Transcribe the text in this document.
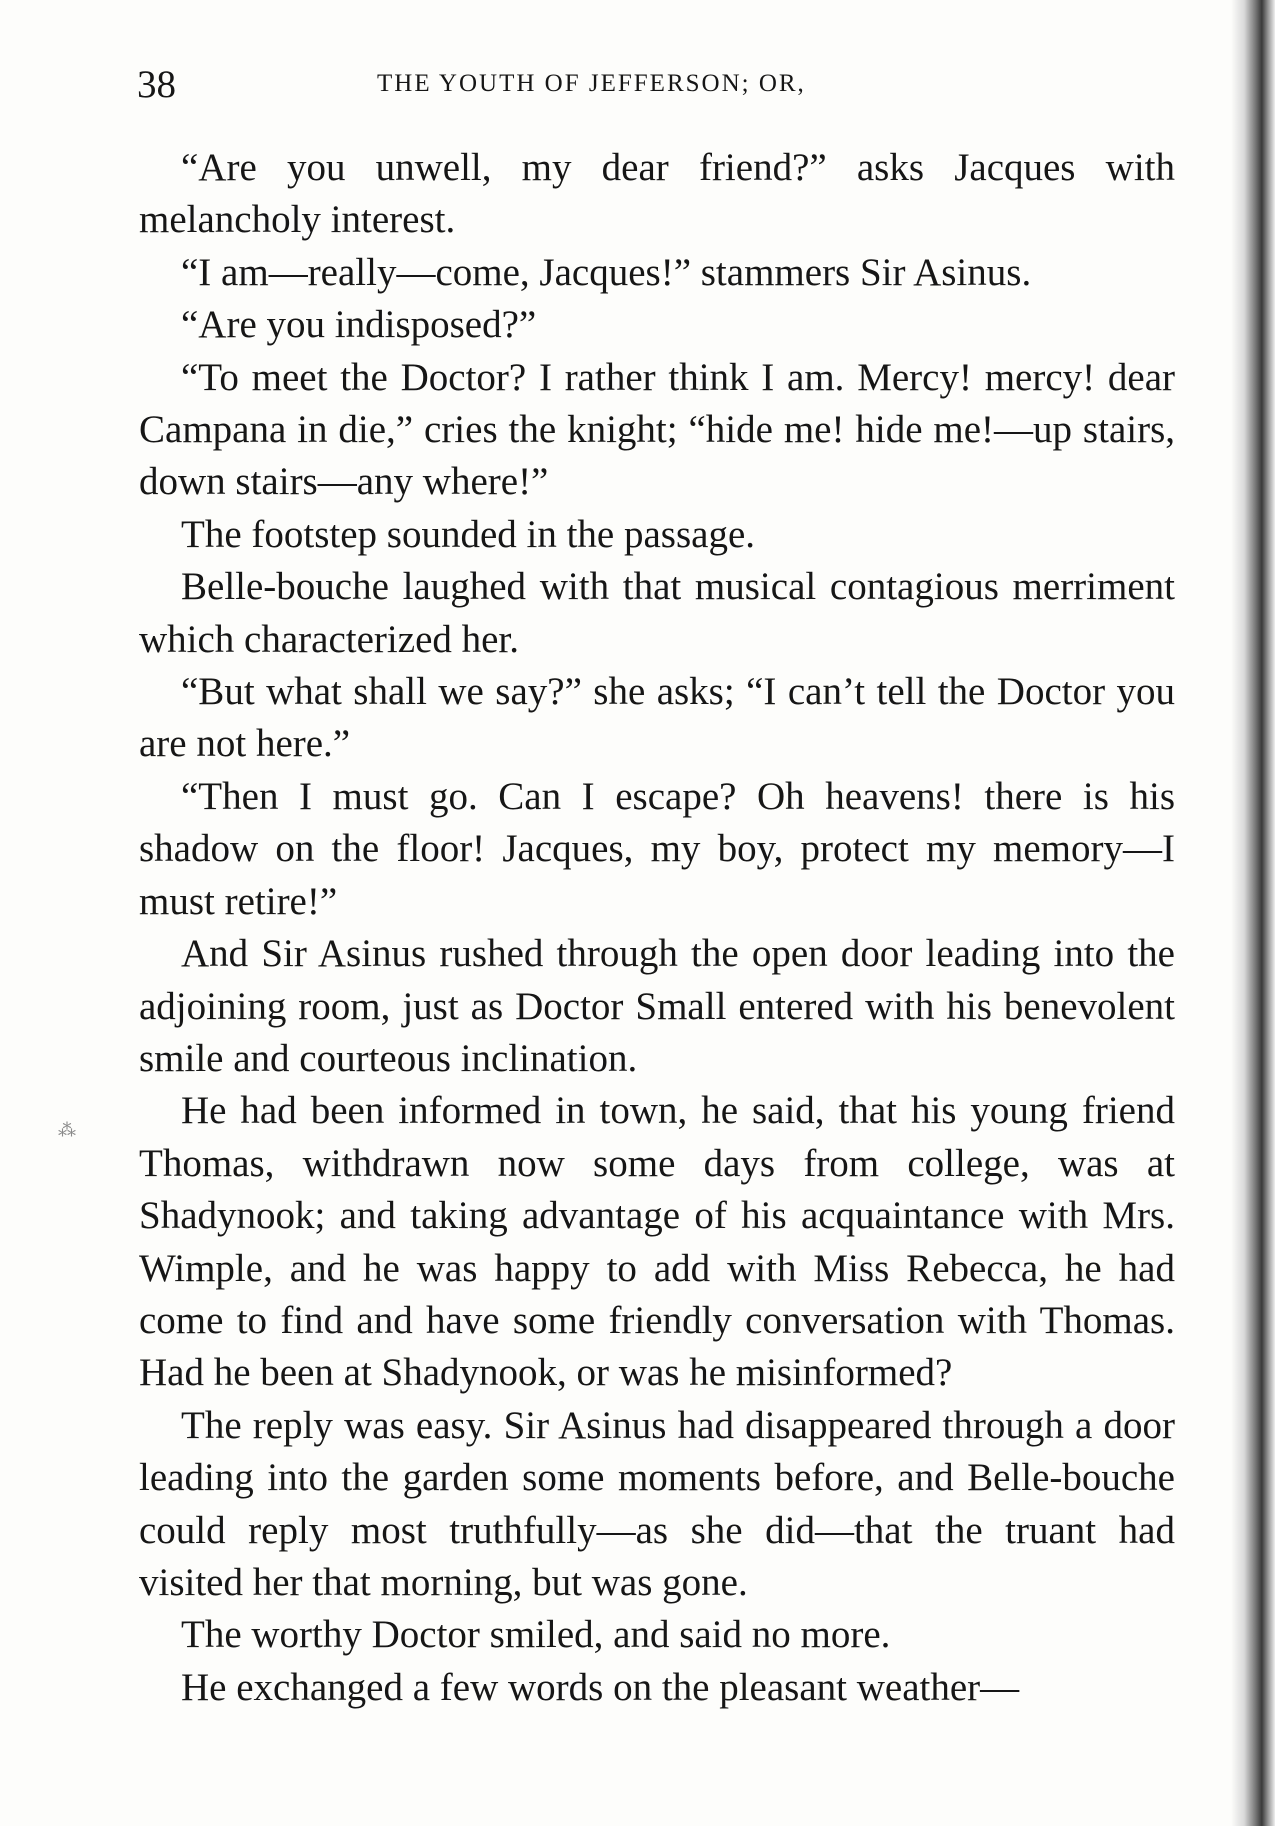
38	THE YOUTH OF JEFFERSON; OR,

“Are you unwell, my dear friend?” asks Jacques with melancholy interest.

“I am—really—come, Jacques!” stammers Sir Asinus.

“Are you indisposed?”

“To meet the Doctor? I rather think I am. Mercy! mercy! dear Campana in die,” cries the knight; “hide me! hide me!—up stairs, down stairs—any where!”

The footstep sounded in the passage.

Belle-bouche laughed with that musical contagious merriment which characterized her.

“But what shall we say?” she asks; “I can’t tell the Doctor you are not here.”

“Then I must go. Can I escape? Oh heavens! there is his shadow on the floor! Jacques, my boy, protect my memory—I must retire!”

And Sir Asinus rushed through the open door leading into the adjoining room, just as Doctor Small entered with his benevolent smile and courteous inclination.

He had been informed in town, he said, that his young friend Thomas, withdrawn now some days from college, was at Shadynook; and taking advantage of his acquaintance with Mrs. Wimple, and he was happy to add with Miss Rebecca, he had come to find and have some friendly conversation with Thomas. Had he been at Shadynook, or was he misinformed?

The reply was easy. Sir Asinus had disappeared through a door leading into the garden some moments before, and Belle-bouche could reply most truthfully—as she did—that the truant had visited her that morning, but was gone.

The worthy Doctor smiled, and said no more.

He exchanged a few words on the pleasant weather—

⁂
